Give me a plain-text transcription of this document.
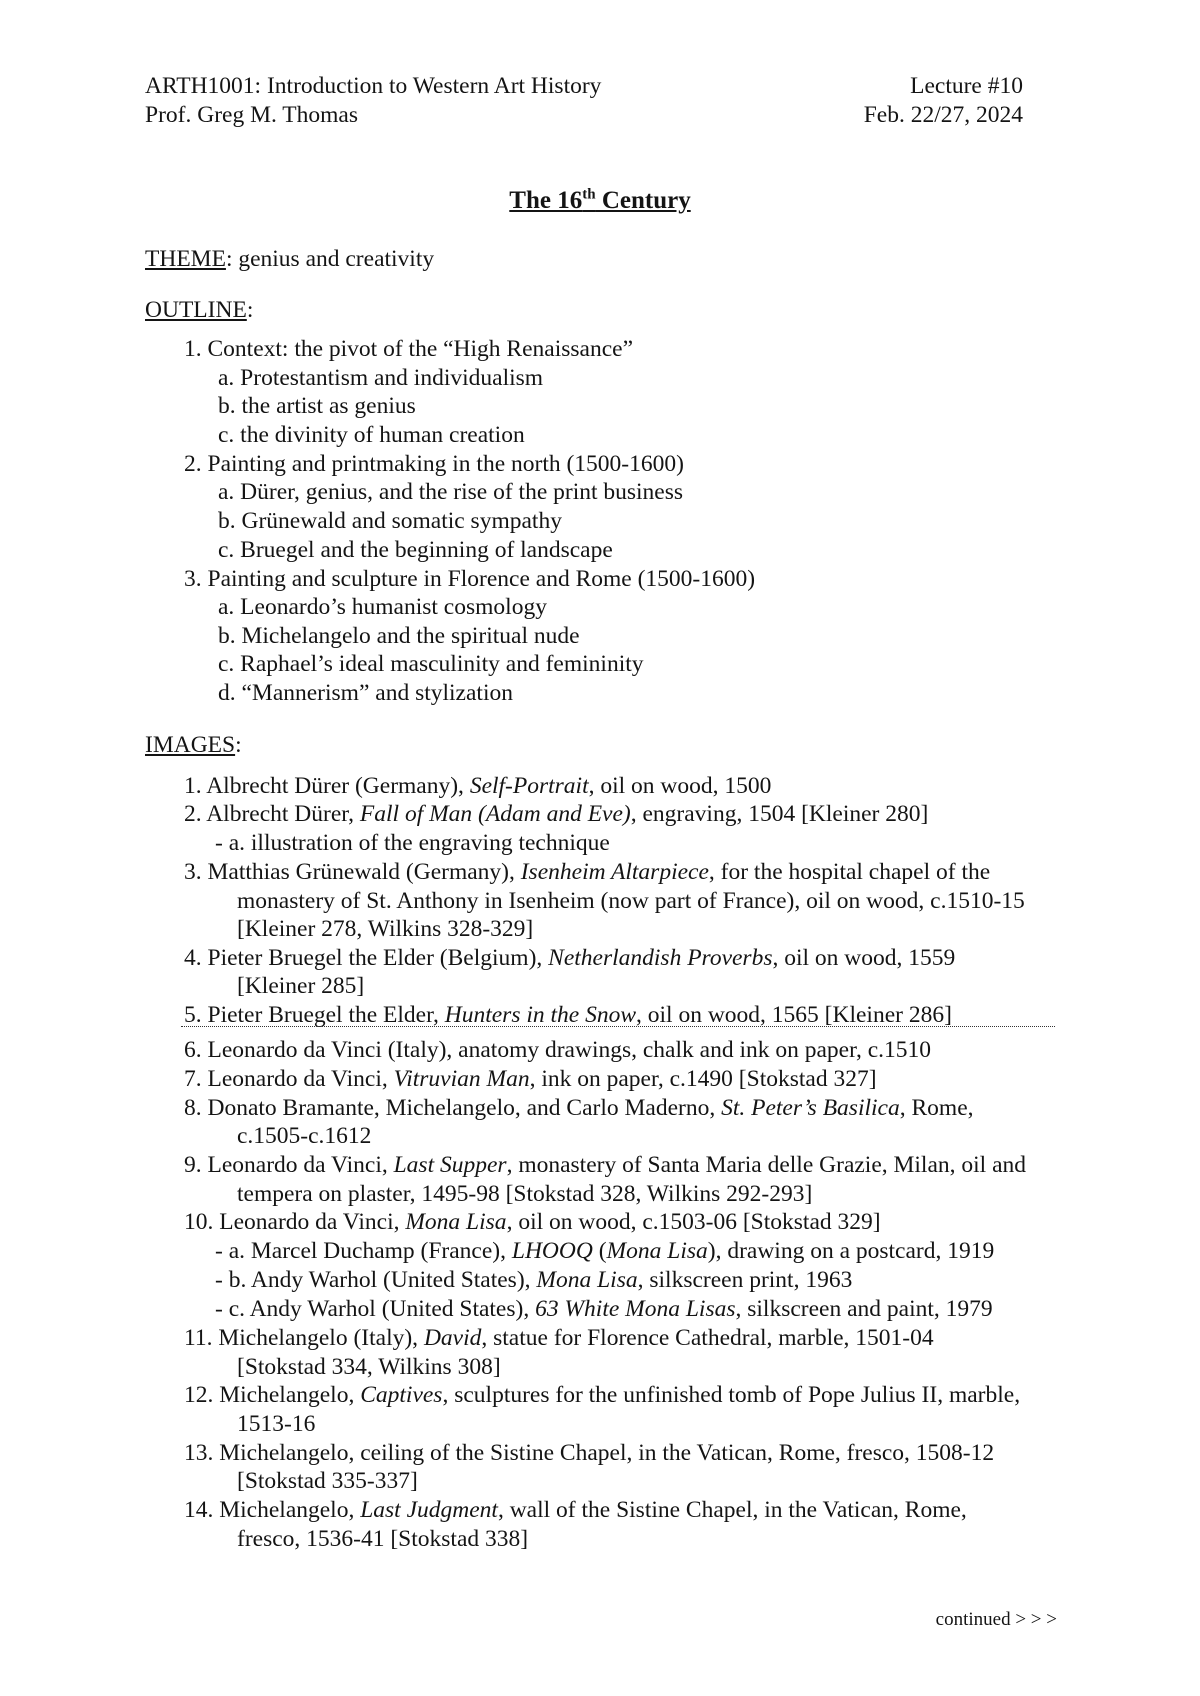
ARTH1001: Introduction to Western Art History	Lecture #10
Prof. Greg M. Thomas	Feb. 22/27, 2024
The 16th Century
THEME: genius and creativity
OUTLINE:
1. Context: the pivot of the “High Renaissance”
a. Protestantism and individualism
b. the artist as genius
c. the divinity of human creation
2. Painting and printmaking in the north (1500-1600)
a. Dürer, genius, and the rise of the print business
b. Grünewald and somatic sympathy
c. Bruegel and the beginning of landscape
3. Painting and sculpture in Florence and Rome (1500-1600)
a. Leonardo’s humanist cosmology
b. Michelangelo and the spiritual nude
c. Raphael’s ideal masculinity and femininity
d. “Mannerism” and stylization
IMAGES:
1. Albrecht Dürer (Germany), Self-Portrait, oil on wood, 1500
2. Albrecht Dürer, Fall of Man (Adam and Eve), engraving, 1504 [Kleiner 280]
- a. illustration of the engraving technique
3. Matthias Grünewald (Germany), Isenheim Altarpiece, for the hospital chapel of the
monastery of St. Anthony in Isenheim (now part of France), oil on wood, c.1510-15
[Kleiner 278, Wilkins 328-329]
4. Pieter Bruegel the Elder (Belgium), Netherlandish Proverbs, oil on wood, 1559
[Kleiner 285]
5. Pieter Bruegel the Elder, Hunters in the Snow, oil on wood, 1565 [Kleiner 286]
6. Leonardo da Vinci (Italy), anatomy drawings, chalk and ink on paper, c.1510
7. Leonardo da Vinci, Vitruvian Man, ink on paper, c.1490 [Stokstad 327]
8. Donato Bramante, Michelangelo, and Carlo Maderno, St. Peter’s Basilica, Rome,
c.1505-c.1612
9. Leonardo da Vinci, Last Supper, monastery of Santa Maria delle Grazie, Milan, oil and
tempera on plaster, 1495-98 [Stokstad 328, Wilkins 292-293]
10. Leonardo da Vinci, Mona Lisa, oil on wood, c.1503-06 [Stokstad 329]
- a. Marcel Duchamp (France), LHOOQ (Mona Lisa), drawing on a postcard, 1919
- b. Andy Warhol (United States), Mona Lisa, silkscreen print, 1963
- c. Andy Warhol (United States), 63 White Mona Lisas, silkscreen and paint, 1979
11. Michelangelo (Italy), David, statue for Florence Cathedral, marble, 1501-04
[Stokstad 334, Wilkins 308]
12. Michelangelo, Captives, sculptures for the unfinished tomb of Pope Julius II, marble,
1513-16
13. Michelangelo, ceiling of the Sistine Chapel, in the Vatican, Rome, fresco, 1508-12
[Stokstad 335-337]
14. Michelangelo, Last Judgment, wall of the Sistine Chapel, in the Vatican, Rome,
fresco, 1536-41 [Stokstad 338]
continued > > >
